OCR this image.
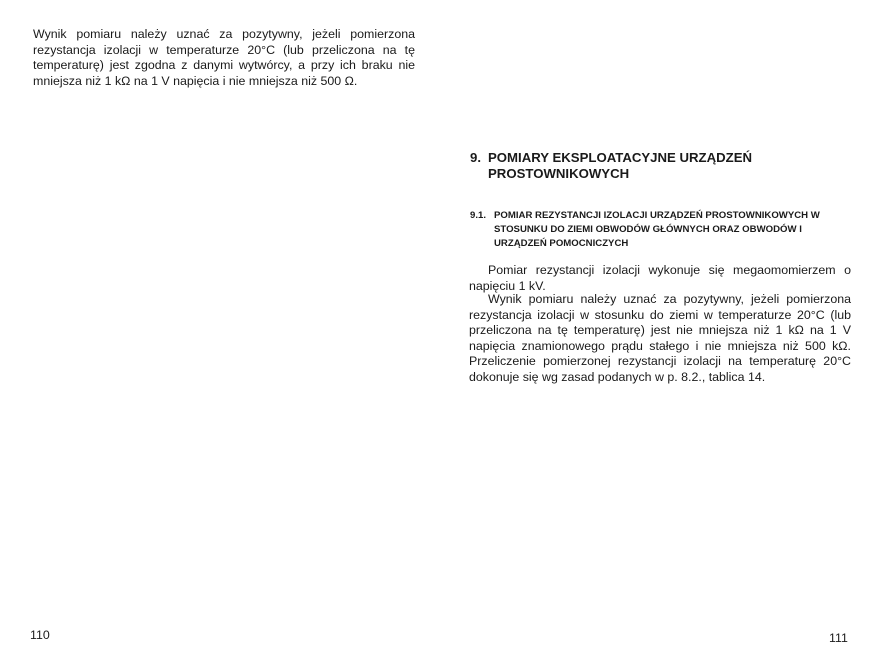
Wynik pomiaru należy uznać za pozytywny, jeżeli pomierzona rezystancja izolacji w temperaturze 20°C (lub przeliczona na tę temperaturę) jest zgodna z danymi wytwórcy, a przy ich braku nie mniejsza niż 1 kΩ na 1 V napięcia i nie mniejsza niż 500 Ω.

9. POMIARY EKSPLOATACYJNE URZĄDZEŃ PROSTOWNIKOWYCH
9.1. POMIAR REZYSTANCJI IZOLACJI URZĄDZEŃ PROSTOWNIKOWYCH W STOSUNKU DO ZIEMI OBWODÓW GŁÓWNYCH ORAZ OBWODÓW I URZĄDZEŃ POMOCNICZYCH

Pomiar rezystancji izolacji wykonuje się megaomomierzem o napięciu 1 kV.

Wynik pomiaru należy uznać za pozytywny, jeżeli pomierzona rezystancja izolacji w stosunku do ziemi w temperaturze 20°C (lub przeliczona na tę temperaturę) jest nie mniejsza niż 1 kΩ na 1 V napięcia znamionowego prądu stałego i nie mniejsza niż 500 kΩ. Przeliczenie pomierzonej rezystancji izolacji na temperaturę 20°C dokonuje się wg zasad podanych w p. 8.2., tablica 14.

110	111
